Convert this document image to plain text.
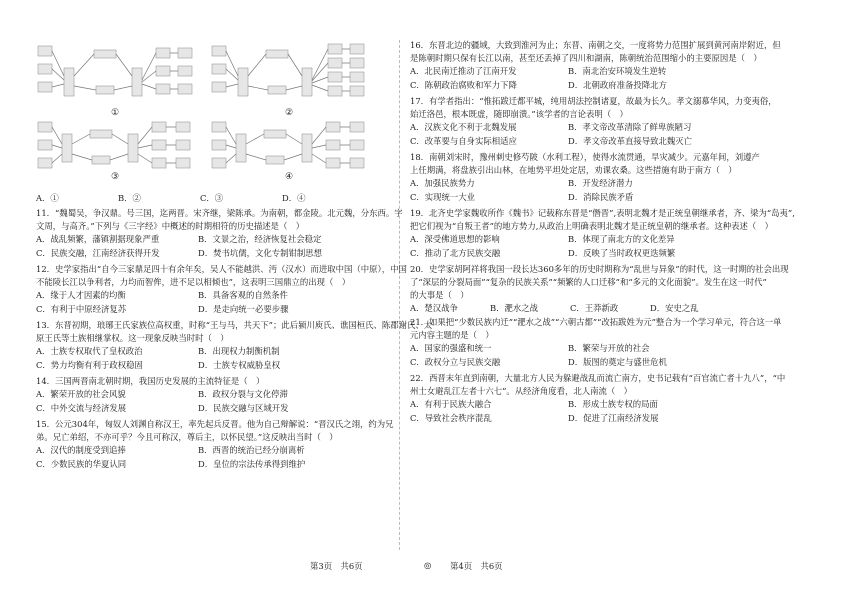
①	②
③	④
A．①	B．②	C．③	D．④
11．“魏蜀吴，争汉鼎。号三国，迄两晋。宋齐继，梁陈承。为南朝，都金陵。北元魏，分东西。宇
文周，与高齐。”下列与《三字经》中概述的时期相符的历史描述是（　）
A．战乱频繁，藩镇割据现象严重	B．文景之治，经济恢复社会稳定
C．民族交融，江南经济获得开发	D．焚书坑儒，文化专制钳制思想
12．史学家指出“自今三家鼎足四十有余年矣，吴人不能越洪、沔（汉水）而进取中国（中原），中国
不能陵长江以争利者，力均而智侔，进不足以相倾也”，这表明三国鼎立的出现（　）
A．缘于人才因素的均衡	B．具备客观的自然条件
C．有利于中原经济复苏	D．是走向统一必要步骤
13．东晋初期，琅琊王氏家族位高权重，时称“王与马，共天下”；此后颍川庾氏、谯国桓氏、陈郡谢氏、太
原王氏等士族相继掌权。这一现象反映当时时（　）
A．士族专权取代了皇权政治	B．出现权力制衡机制
C．势力均衡有利于政权稳固	D．士族专权威胁皇权
14．三国两晋南北朝时期，我国历史发展的主流特征是（　）
A．繁荣开放的社会风貌	B．政权分裂与文化停滞
C．中外交流与经济发展	D．民族交融与区域开发
15．公元304年，匈奴人刘渊自称汉王，率先起兵反晋。他为自己辩解说：“晋汉氏之翊，约为兄
弟。兄亡弟绍，不亦可乎？今且可称汉，尊后主，以怀民望。”这反映出当时（　）
A．汉代的制度受到追捧	B．西晋的统治已经分崩离析
C．少数民族的华夏认同	D．皇位的宗法传承得到维护
16．东晋北边的疆域，大致到淮河为止；东晋、南朝之交，一度将势力范围扩展到黄河南岸附近，但
是陈朝时期只保有长江以南，甚至还丢掉了四川和湖南，陈朝统治范围缩小的主要原因是（　）
A．北民南迁推动了江南开发	B．南北治安环境发生逆转
C．陈朝政治腐败和军力下降	D．北朝政府准备投降北方
17．有学者指出：“惟拓跋迁都平城，纯用胡法控制诸夏，故最为长久。孝文溺慕华风，力变夷俗，
始迁洛邑，根本既虚，随即崩溃。”该学者的言论表明（　）
A．汉族文化不利于北魏发展	B．孝文帝改革清除了鲜卑族陋习
C．改革要与自身实际相适应	D．孝文帝改革直接导致北魏灭亡
18．南朝刘宋时，豫州刺史修芍陂（水利工程），使得水流贯通，旱灾减少。元嘉年间，刘遵产
上任期满，将盘族引出山林，在地势平坦处定居，劝课农桑。这些措施有助于南方（　）
A．加强民族势力	B．开发经济潜力
C．实现统一大业	D．消除民族矛盾
19．北齐史学家魏收所作《魏书》记载称东晋是“僭晋”,表明北魏才是正统皇朝继承者，齐、梁为“岛夷”,
把它们视为“自叛王者”的地方势力,从政治上明确表明北魏才是正统皇朝的继承者。这种表述（　）
A．深受佛道思想的影响	B．体现了南北方的文化差异
C．推动了北方民族交融	D．反映了当时政权更迭频繁
20．史学家胡阿祥将我国一段长达360多年的历史时期称为“乱世与异象”的时代，这一时期的社会出现
了“深层的分裂局面”“复杂的民族关系”“频繁的人口迁移”和“多元的文化面貌”。发生在这一时代”
的大事是（　）
A．楚汉战争	B．淝水之战	C．王莽新政	D．安史之乱
21．如果把“少数民族内迁”“淝水之战”“六朝古都”“改拓跋姓为元”整合为一个学习单元，符合这一单
元内容主题的是（　）
A．国家的强盛和统一	B．繁荣与开放的社会
C．政权分立与民族交融	D．版图的奠定与盛世危机
22．西晋末年直到南朝，大量北方人民为躲避战乱而流亡南方，史书记载有“百官流亡者十九八”，“中
州士女避乱江左者十六七”。从经济角度看，北人南流（　）
A．有利于民族大融合	B．形成士族专权的局面
C．导致社会秩序混乱	D．促进了江南经济发展
第3页　共6页	◎ 第4页　共6页
